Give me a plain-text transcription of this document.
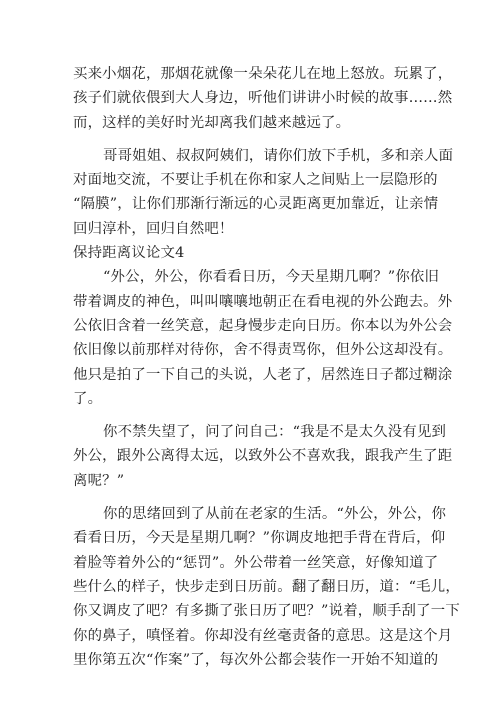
买来小烟花，那烟花就像一朵朵花儿在地上怒放。玩累了，
孩子们就依偎到大人身边，听他们讲讲小时候的故事……然
而，这样的美好时光却离我们越来越远了。
哥哥姐姐、叔叔阿姨们，请你们放下手机，多和亲人面
对面地交流，不要让手机在你和家人之间贴上一层隐形的
“隔膜”，让你们那渐行渐远的心灵距离更加靠近，让亲情
回归淳朴，回归自然吧！
保持距离议论文4
“外公，外公，你看看日历，今天星期几啊？”你依旧
带着调皮的神色，叫叫嚷嚷地朝正在看电视的外公跑去。外
公依旧含着一丝笑意，起身慢步走向日历。你本以为外公会
依旧像以前那样对待你，舍不得责骂你，但外公这却没有。
他只是拍了一下自己的头说，人老了，居然连日子都过糊涂
了。
你不禁失望了，问了问自己：“我是不是太久没有见到
外公，跟外公离得太远，以致外公不喜欢我，跟我产生了距
离呢？”
你的思绪回到了从前在老家的生活。“外公，外公，你
看看日历，今天是星期几啊？”你调皮地把手背在背后，仰
着脸等着外公的“惩罚”。外公带着一丝笑意，好像知道了
些什么的样子，快步走到日历前。翻了翻日历，道：“毛儿，
你又调皮了吧？有多撕了张日历了吧？”说着，顺手刮了一下
你的鼻子，嗔怪着。你却没有丝毫责备的意思。这是这个月
里你第五次“作案”了，每次外公都会装作一开始不知道的
